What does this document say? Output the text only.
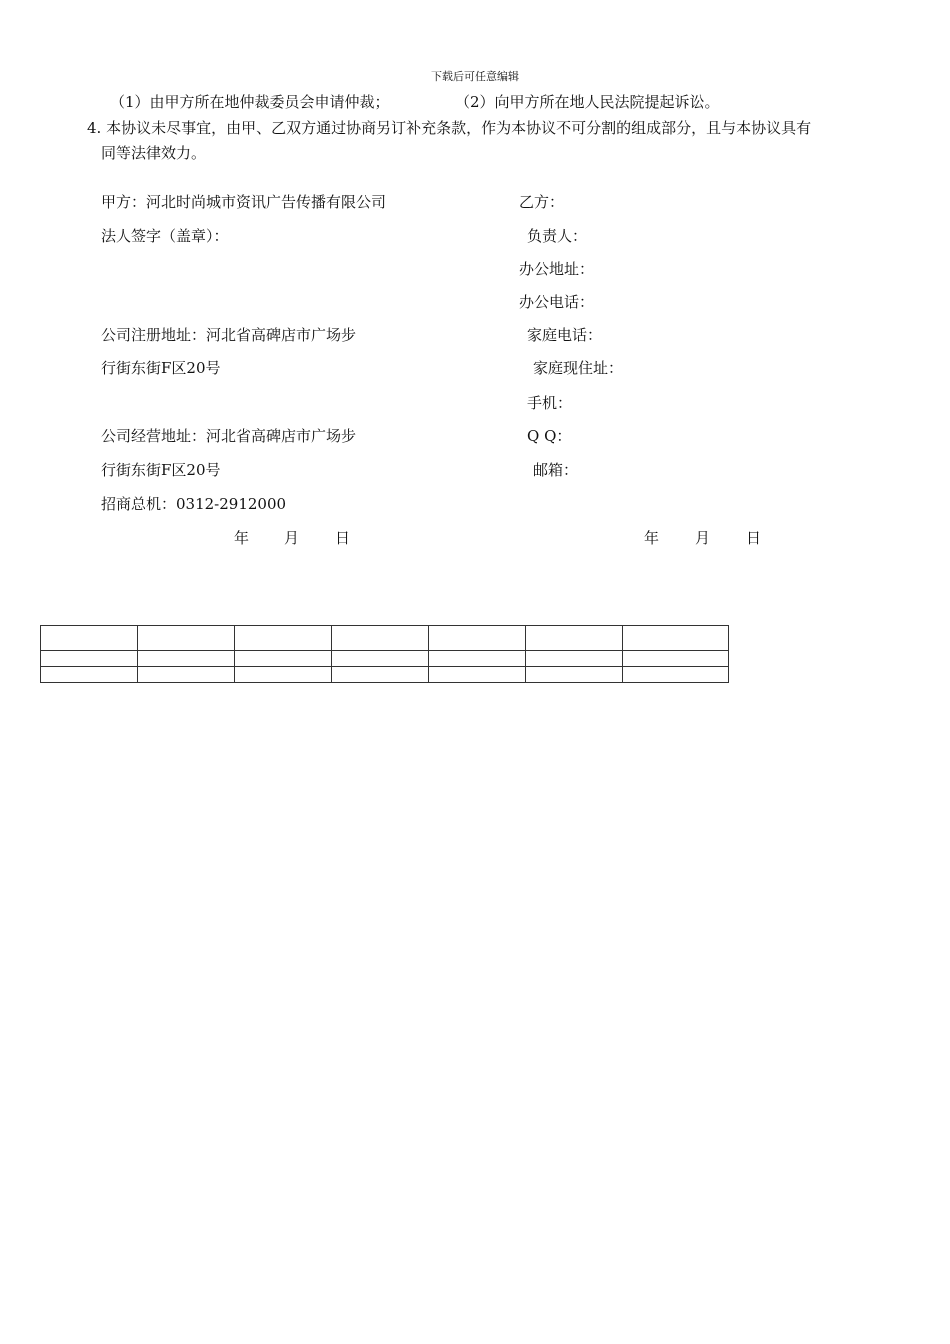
下载后可任意编辑
（1）由甲方所在地仲裁委员会申请仲裁；	（2）向甲方所在地人民法院提起诉讼。
4. 本协议未尽事宜，由甲、乙双方通过协商另订补充条款，作为本协议不可分割的组成部分，且与本协议具有
同等法律效力。
甲方：河北时尚城市资讯广告传播有限公司
法人签字（盖章）：
公司注册地址：河北省高碑店市广场步
行街东街F区20号
公司经营地址：河北省高碑店市广场步
行街东街F区20号
招商总机：0312-2912000
年 月 日
乙方：
负责人：
办公地址：
办公电话：
家庭电话：
家庭现住址：
手机：
Q Q：
邮箱：
年 月 日
